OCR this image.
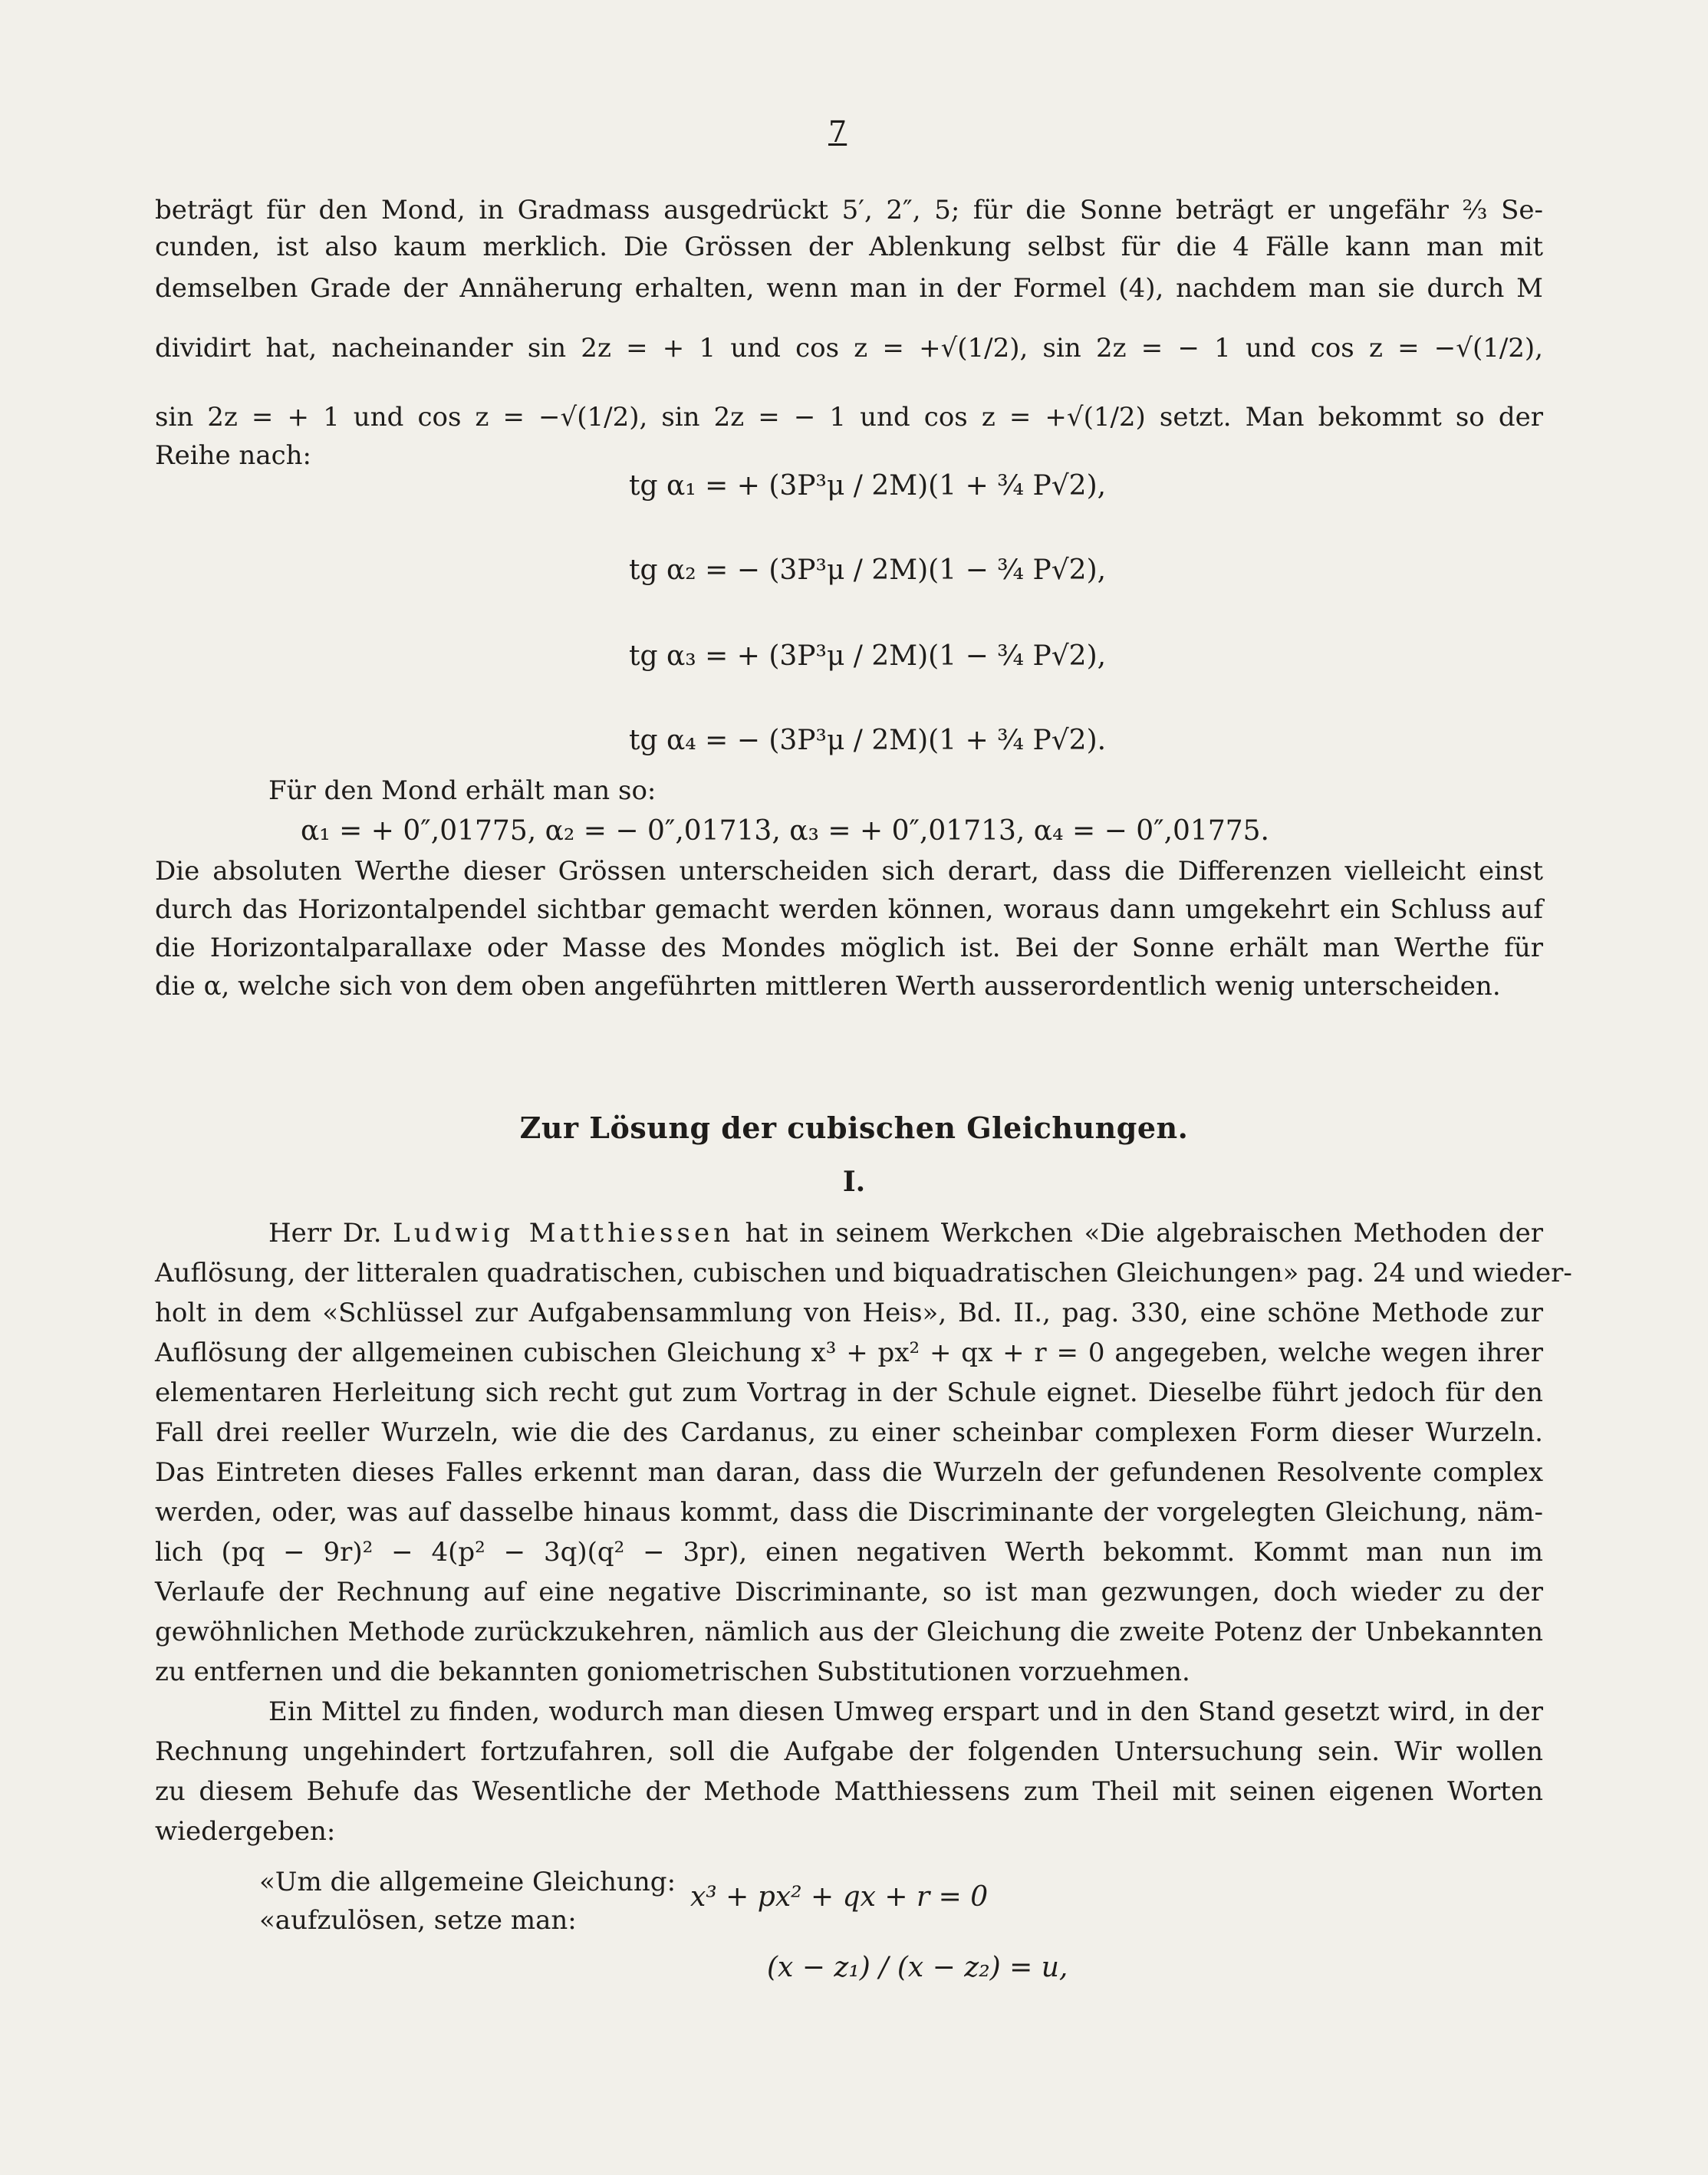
7
beträgt für den Mond, in Gradmass ausgedrückt 5′, 2″, 5; für die Sonne beträgt er ungefähr ⅔ Se-
cunden, ist also kaum merklich. Die Grössen der Ablenkung selbst für die 4 Fälle kann man mit
demselben Grade der Annäherung erhalten, wenn man in der Formel (4), nachdem man sie durch M
dividirt hat, nacheinander sin 2z = + 1 und cos z = +√(1/2), sin 2z = − 1 und cos z = −√(1/2),
sin 2z = + 1 und cos z = −√(1/2), sin 2z = − 1 und cos z = +√(1/2) setzt. Man bekommt so der
Reihe nach:
tg α₁ = + (3P³μ / 2M)(1 + ¾ P√2),
tg α₂ = − (3P³μ / 2M)(1 − ¾ P√2),
tg α₃ = + (3P³μ / 2M)(1 − ¾ P√2),
tg α₄ = − (3P³μ / 2M)(1 + ¾ P√2).
Für den Mond erhält man so:
α₁ = + 0″,01775, α₂ = − 0″,01713, α₃ = + 0″,01713, α₄ = − 0″,01775.
Die absoluten Werthe dieser Grössen unterscheiden sich derart, dass die Differenzen vielleicht einst
durch das Horizontalpendel sichtbar gemacht werden können, woraus dann umgekehrt ein Schluss auf
die Horizontalparallaxe oder Masse des Mondes möglich ist. Bei der Sonne erhält man Werthe für
die α, welche sich von dem oben angeführten mittleren Werth ausserordentlich wenig unterscheiden.
Zur Lösung der cubischen Gleichungen.
I.
Herr Dr. Ludwig Matthiessen hat in seinem Werkchen «Die algebraischen Methoden der
Auflösung, der litteralen quadratischen, cubischen und biquadratischen Gleichungen» pag. 24 und wieder-
holt in dem «Schlüssel zur Aufgabensammlung von Heis», Bd. II., pag. 330, eine schöne Methode zur
Auflösung der allgemeinen cubischen Gleichung x³ + px² + qx + r = 0 angegeben, welche wegen ihrer
elementaren Herleitung sich recht gut zum Vortrag in der Schule eignet. Dieselbe führt jedoch für den
Fall drei reeller Wurzeln, wie die des Cardanus, zu einer scheinbar complexen Form dieser Wurzeln.
Das Eintreten dieses Falles erkennt man daran, dass die Wurzeln der gefundenen Resolvente complex
werden, oder, was auf dasselbe hinaus kommt, dass die Discriminante der vorgelegten Gleichung, näm-
lich (pq − 9r)² − 4(p² − 3q)(q² − 3pr), einen negativen Werth bekommt. Kommt man nun im
Verlaufe der Rechnung auf eine negative Discriminante, so ist man gezwungen, doch wieder zu der
gewöhnlichen Methode zurückzukehren, nämlich aus der Gleichung die zweite Potenz der Unbekannten
zu entfernen und die bekannten goniometrischen Substitutionen vorzuehmen.
Ein Mittel zu finden, wodurch man diesen Umweg erspart und in den Stand gesetzt wird, in der
Rechnung ungehindert fortzufahren, soll die Aufgabe der folgenden Untersuchung sein. Wir wollen
zu diesem Behufe das Wesentliche der Methode Matthiessens zum Theil mit seinen eigenen Worten
wiedergeben:
«Um die allgemeine Gleichung: x³ + px² + qx + r = 0
«aufzulösen, setze man:
(x − z₁) / (x − z₂) = u,
